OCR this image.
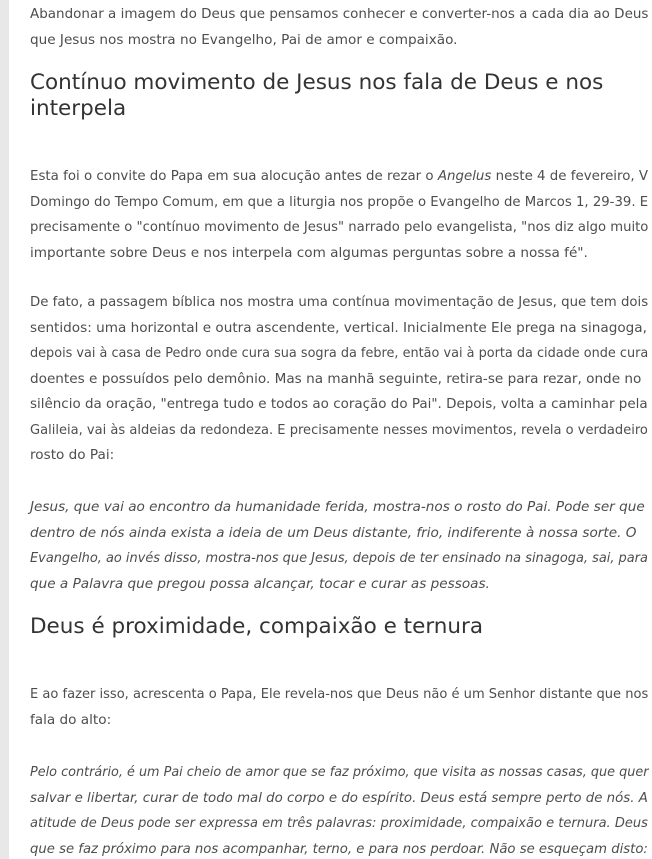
Abandonar a imagem do Deus que pensamos conhecer e converter-nos a cada dia ao Deus
que Jesus nos mostra no Evangelho, Pai de amor e compaixão.

Contínuo movimento de Jesus nos fala de Deus e nos
interpela

Esta foi o convite do Papa em sua alocução antes de rezar o Angelus neste 4 de fevereiro, V
Domingo do Tempo Comum, em que a liturgia nos propõe o Evangelho de Marcos 1, 29-39. E
precisamente o "contínuo movimento de Jesus" narrado pelo evangelista, "nos diz algo muito
importante sobre Deus e nos interpela com algumas perguntas sobre a nossa fé".

De fato, a passagem bíblica nos mostra uma contínua movimentação de Jesus, que tem dois
sentidos: uma horizontal e outra ascendente, vertical. Inicialmente Ele prega na sinagoga,
depois vai à casa de Pedro onde cura sua sogra da febre, então vai à porta da cidade onde cura
doentes e possuídos pelo demônio. Mas na manhã seguinte, retira-se para rezar, onde no
silêncio da oração, "entrega tudo e todos ao coração do Pai". Depois, volta a caminhar pela
Galileia, vai às aldeias da redondeza. E precisamente nesses movimentos, revela o verdadeiro
rosto do Pai:

Jesus, que vai ao encontro da humanidade ferida, mostra-nos o rosto do Pai. Pode ser que
dentro de nós ainda exista a ideia de um Deus distante, frio, indiferente à nossa sorte. O
Evangelho, ao invés disso, mostra-nos que Jesus, depois de ter ensinado na sinagoga, sai, para
que a Palavra que pregou possa alcançar, tocar e curar as pessoas.

Deus é proximidade, compaixão e ternura

E ao fazer isso, acrescenta o Papa, Ele revela-nos que Deus não é um Senhor distante que nos
fala do alto:

Pelo contrário, é um Pai cheio de amor que se faz próximo, que visita as nossas casas, que quer
salvar e libertar, curar de todo mal do corpo e do espírito. Deus está sempre perto de nós. A
atitude de Deus pode ser expressa em três palavras: proximidade, compaixão e ternura. Deus
que se faz próximo para nos acompanhar, terno, e para nos perdoar. Não se esqueçam disto:
